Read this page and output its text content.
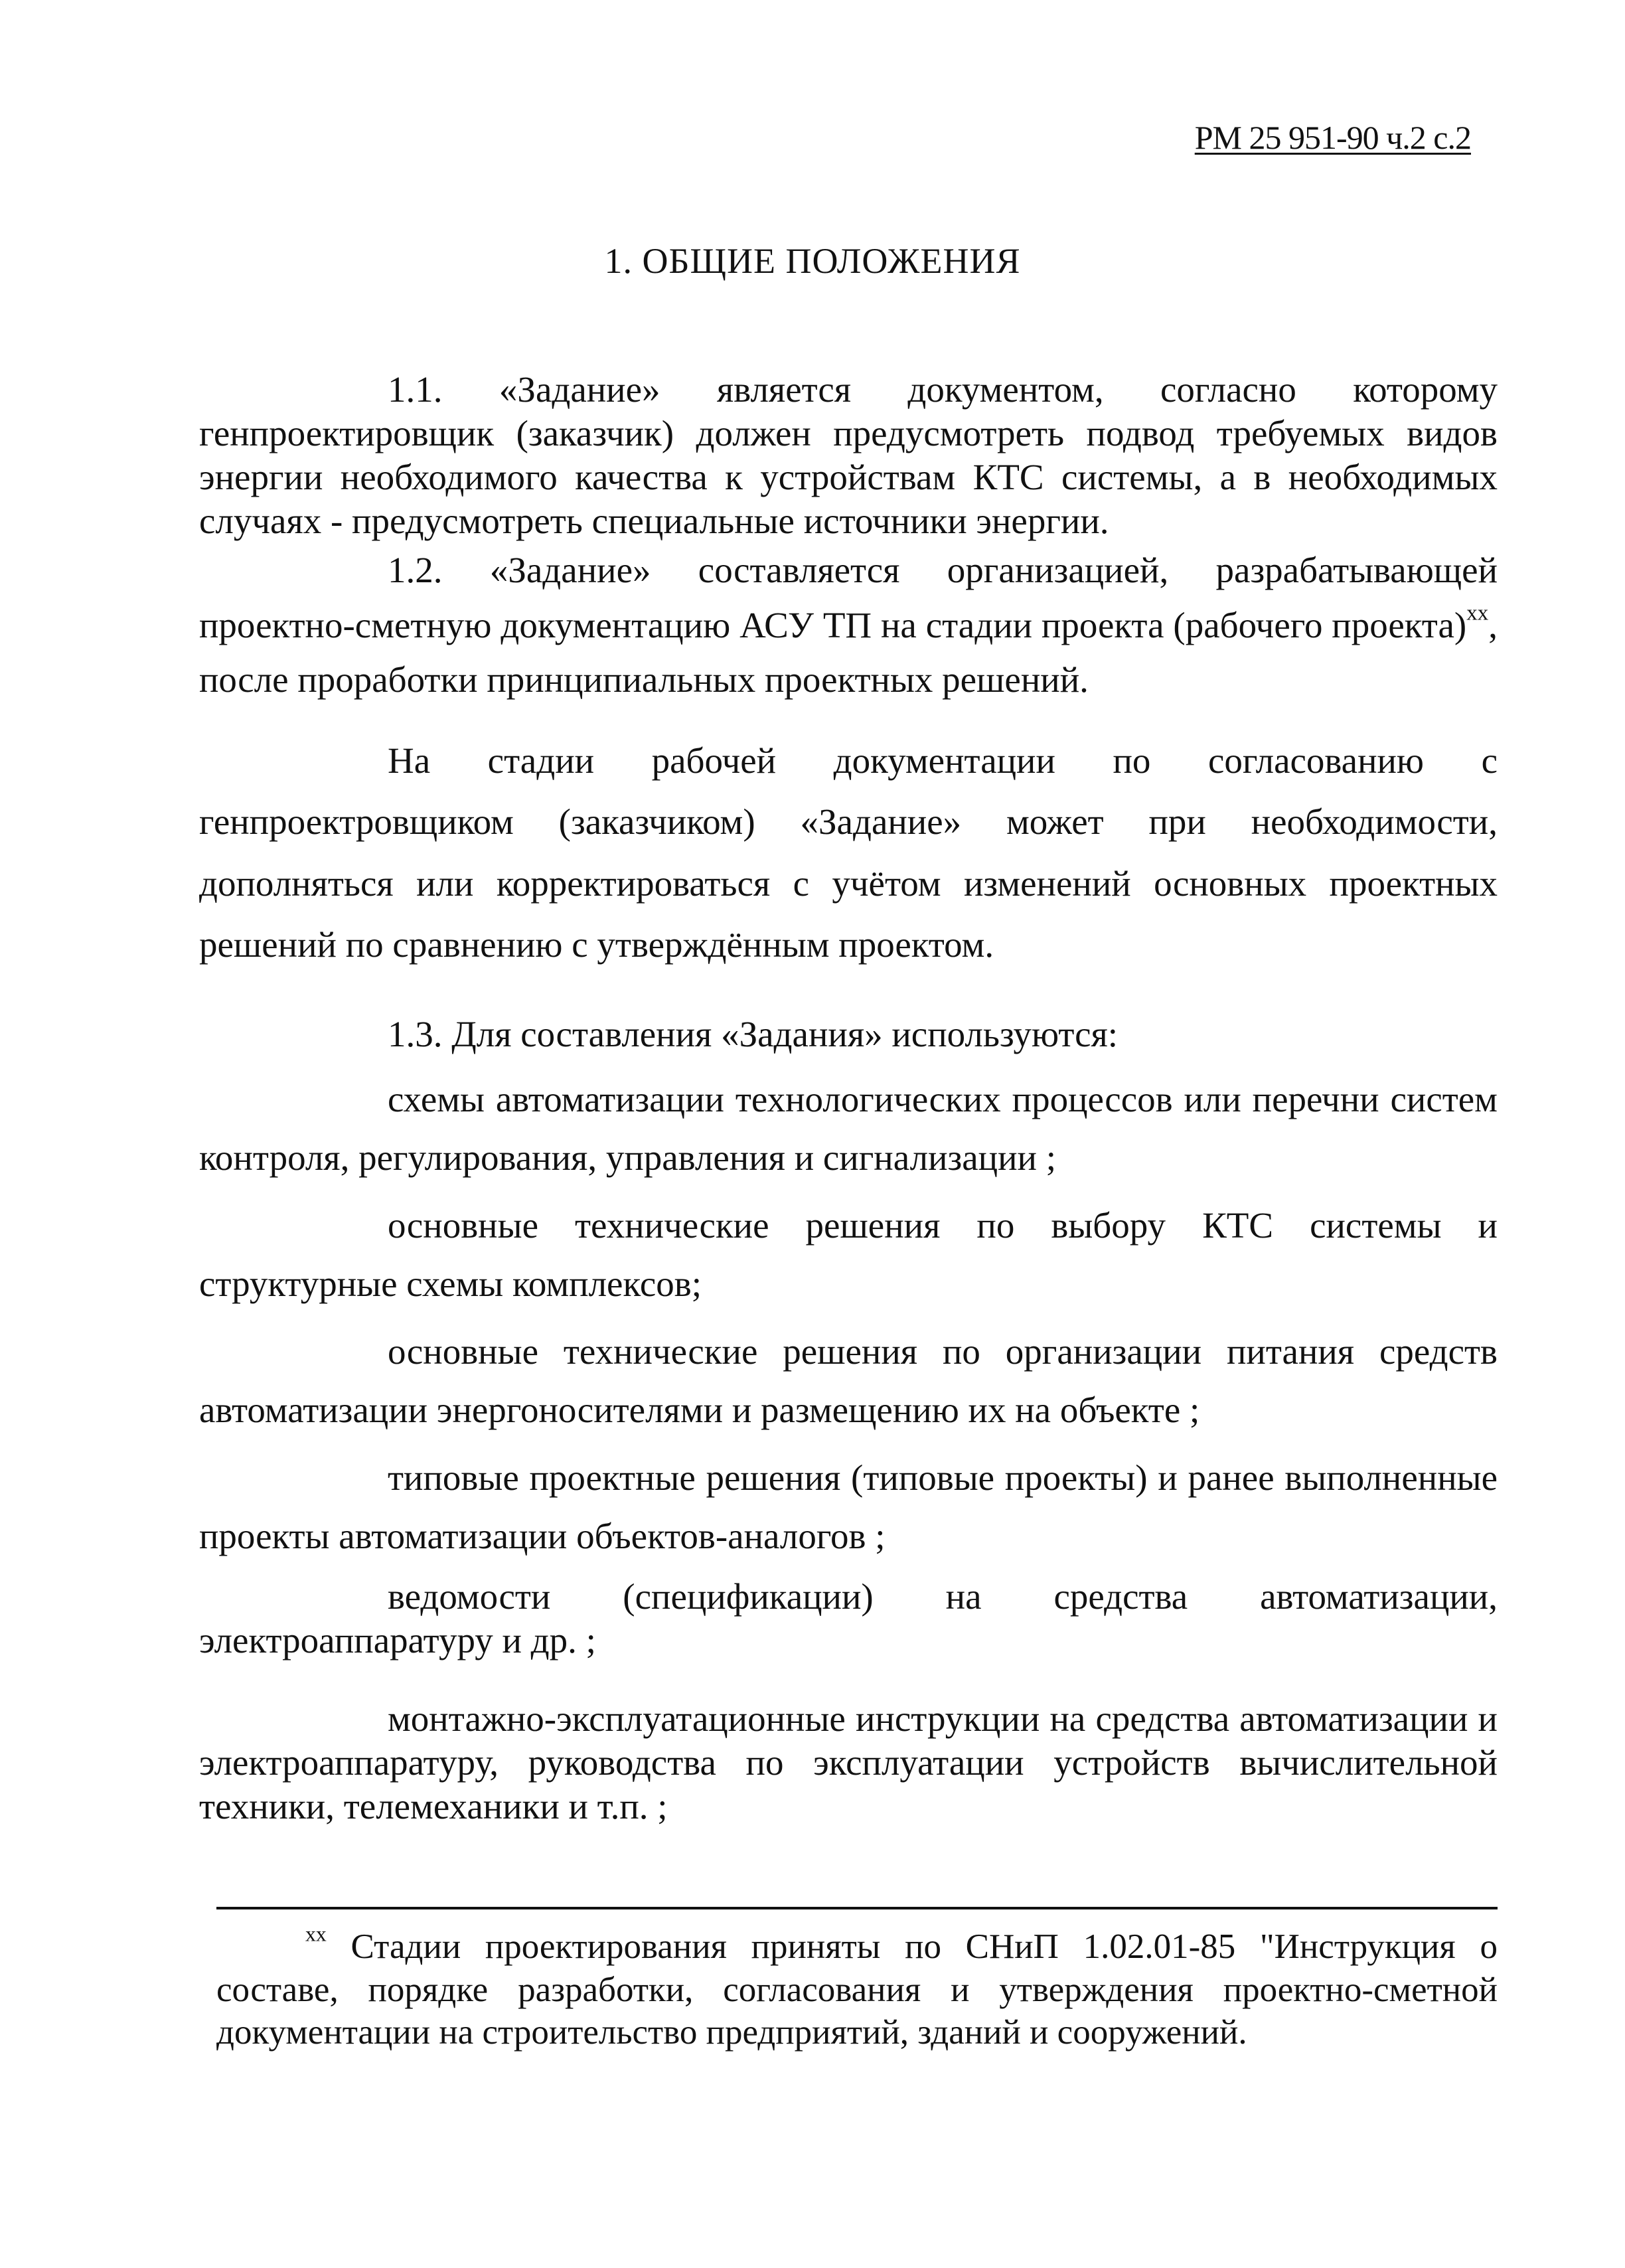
РМ 25 951-90 ч.2 с.2
1. ОБЩИЕ ПОЛОЖЕНИЯ

1.1. «Задание» является документом, согласно которому генпроектировщик (заказчик) должен предусмотреть подвод требуемых видов энергии необходимого качества к устройствам КТС системы, а в необходимых случаях - предусмотреть специальные источники энергии.

1.2. «Задание» составляется организацией, разрабатывающей проектно-сметную документацию АСУ ТП на стадии проекта (рабочего проекта)$^{xx}$, после проработки принципиальных проектных решений.

На стадии рабочей документации по согласованию с генпроектровщиком (заказчиком) «Задание» может при необходимости, дополняться или корректироваться с учётом изменений основных проектных решений по сравнению с утверждённым проектом.

1.3. Для составления «Задания» используются:

схемы автоматизации технологических процессов или перечни систем контроля, регулирования, управления и сигнализации ;
основные технические решения по выбору КТС системы и структурные схемы комплексов;
основные технические решения по организации питания средств автоматизации энергоносителями и размещению их на объекте ;
типовые проектные решения (типовые проекты) и ранее выполненные проекты автоматизации объектов-аналогов ;
ведомости (спецификации) на средства автоматизации, электроаппаратуру и др. ;
монтажно-эксплуатационные инструкции на средства автоматизации и электроаппаратуру, руководства по эксплуатации устройств вычислительной техники, телемеханики и т.п. ;

$^{xx}$ Стадии проектирования приняты по СНиП 1.02.01-85 "Инструкция о составе, порядке разработки, согласования и утверждения проектно-сметной документации на строительство предприятий, зданий и сооружений.
